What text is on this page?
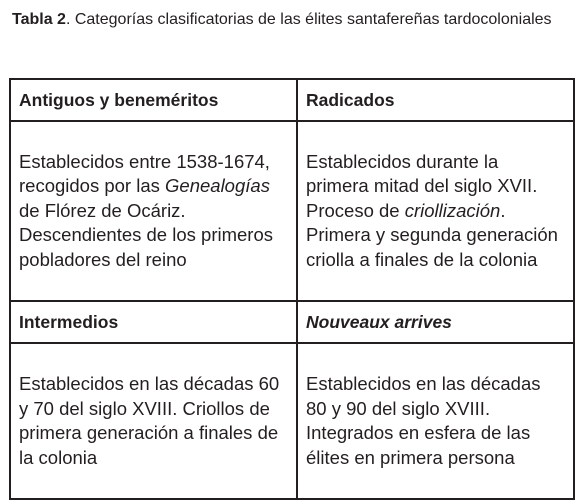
Tabla 2. Categorías clasificatorias de las élites santafereñas tardocoloniales
Antiguos y beneméritos	Radicados
Establecidos entre 1538-1674, recogidos por las Genealogías de Flórez de Ocáriz. Descendientes de los primeros pobladores del reino	Establecidos durante la primera mitad del siglo XVII. Proceso de criollización. Primera y segunda generación criolla a finales de la colonia
Intermedios	Nouveaux arrives
Establecidos en las décadas 60 y 70 del siglo XVIII. Criollos de primera generación a finales de la colonia	Establecidos en las décadas 80 y 90 del siglo XVIII. Integrados en esfera de las élites en primera persona
